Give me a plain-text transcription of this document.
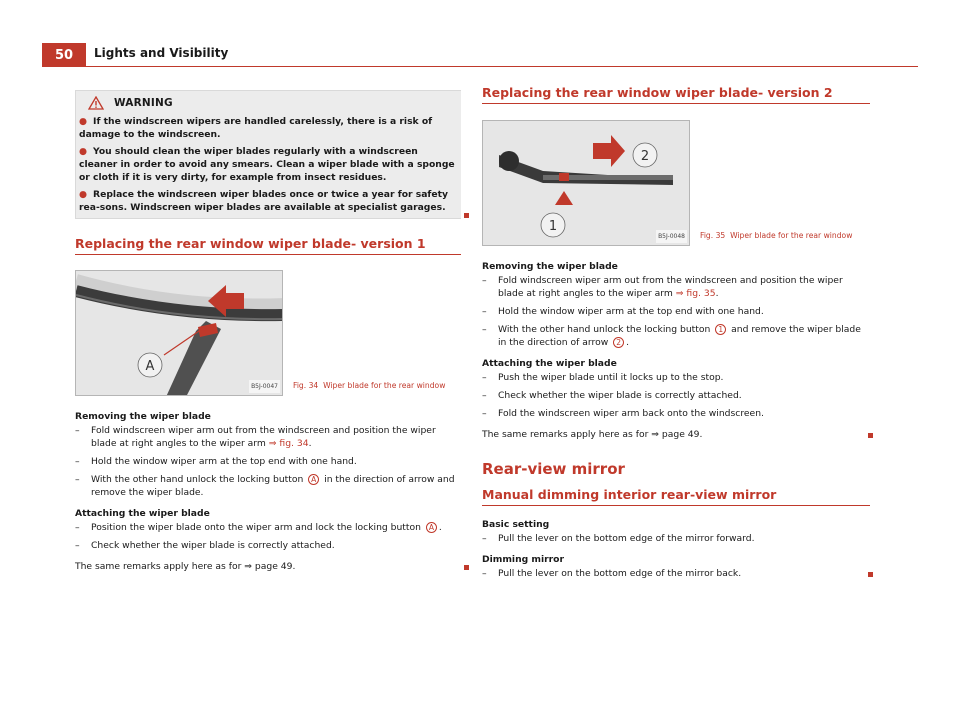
50	Lights and Visibility
WARNING
● If the windscreen wipers are handled carelessly, there is a risk of damage to the windscreen.
● You should clean the wiper blades regularly with a windscreen cleaner in order to avoid any smears. Clean a wiper blade with a sponge or cloth if it is very dirty, for example from insect residues.
● Replace the windscreen wiper blades once or twice a year for safety rea-sons. Windscreen wiper blades are available at specialist garages.
Replacing the rear window wiper blade- version 1
A
B5J-0047 Fig. 34 Wiper blade for the rear window
Removing the wiper blade
–	Fold windscreen wiper arm out from the windscreen and position the wiper blade at right angles to the wiper arm ⇒ fig. 34.
–	Hold the window wiper arm at the top end with one hand.
–	With the other hand unlock the locking button A in the direction of arrow and remove the wiper blade.
Attaching the wiper blade
–	Position the wiper blade onto the wiper arm and lock the locking button A .
–	Check whether the wiper blade is correctly attached.
The same remarks apply here as for ⇒ page 49.
Replacing the rear window wiper blade- version 2
2
1
B5J-0048 Fig. 35 Wiper blade for the rear window
Removing the wiper blade
–	Fold windscreen wiper arm out from the windscreen and position the wiper blade at right angles to the wiper arm ⇒ fig. 35.
–	Hold the window wiper arm at the top end with one hand.
–	With the other hand unlock the locking button 1 and remove the wiper blade in the direction of arrow 2 .
Attaching the wiper blade
–	Push the wiper blade until it locks up to the stop.
–	Check whether the wiper blade is correctly attached.
–	Fold the windscreen wiper arm back onto the windscreen.
The same remarks apply here as for ⇒ page 49.
Rear-view mirror
Manual dimming interior rear-view mirror
Basic setting
–	Pull the lever on the bottom edge of the mirror forward.
Dimming mirror
–	Pull the lever on the bottom edge of the mirror back.
